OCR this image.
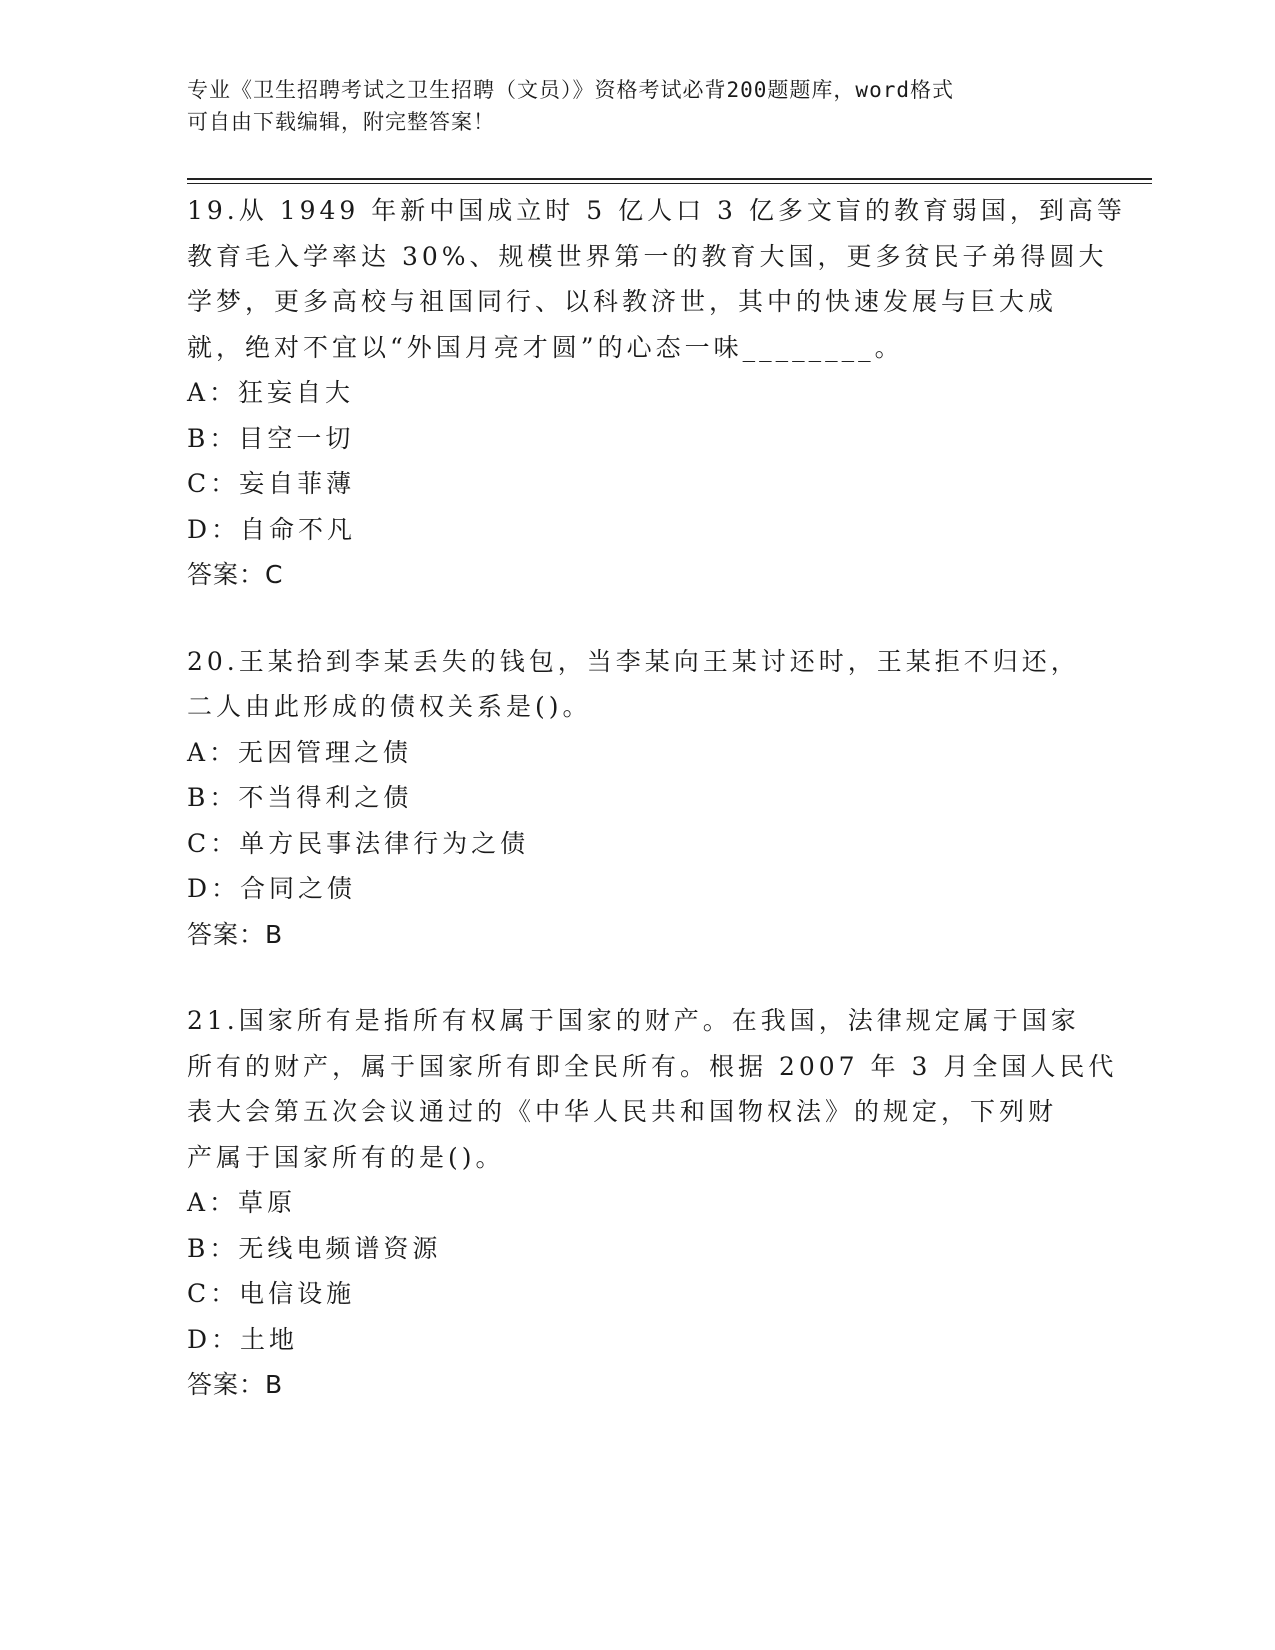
专业《卫生招聘考试之卫生招聘（文员）》资格考试必背200题题库，word格式
可自由下载编辑，附完整答案！
19.从 1949 年新中国成立时 5 亿人口 3 亿多文盲的教育弱国，到高等
教育毛入学率达 30%、规模世界第一的教育大国，更多贫民子弟得圆大
学梦，更多高校与祖国同行、以科教济世，其中的快速发展与巨大成
就，绝对不宜以“外国月亮才圆”的心态一味________。
A：狂妄自大
B：目空一切
C：妄自菲薄
D：自命不凡
答案：C
20.王某拾到李某丢失的钱包，当李某向王某讨还时，王某拒不归还，
二人由此形成的债权关系是()。
A：无因管理之债
B：不当得利之债
C：单方民事法律行为之债
D：合同之债
答案：B
21.国家所有是指所有权属于国家的财产。在我国，法律规定属于国家
所有的财产，属于国家所有即全民所有。根据 2007 年 3 月全国人民代
表大会第五次会议通过的《中华人民共和国物权法》的规定，下列财
产属于国家所有的是()。
A：草原
B：无线电频谱资源
C：电信设施
D：土地
答案：B
